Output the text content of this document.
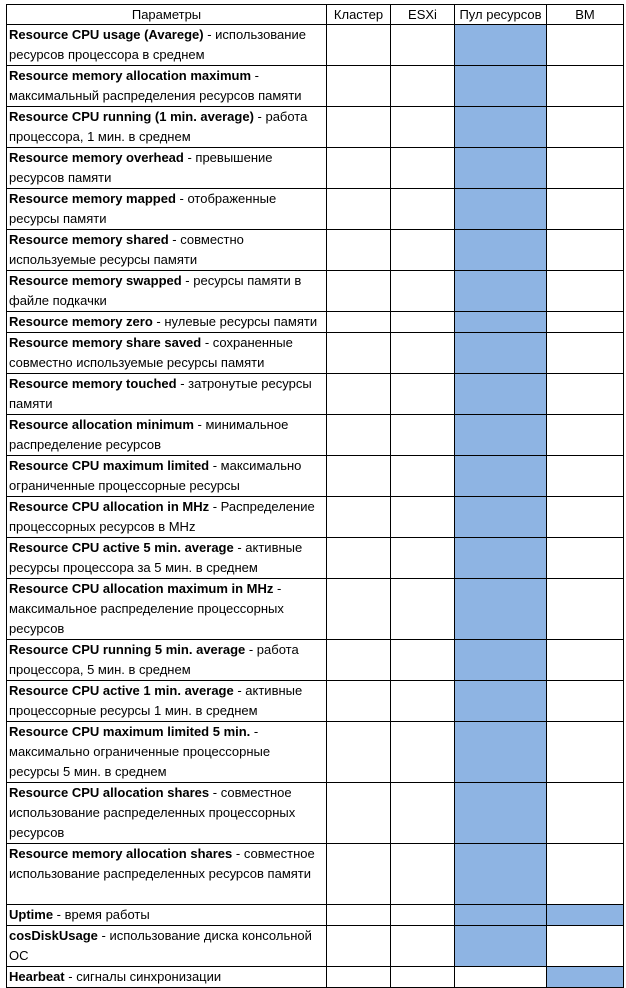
Параметры	Кластер	ESXi	Пул ресурсов	ВМ
Resource CPU usage (Avarege) - использование ресурсов процессора в среднем				
Resource memory allocation maximum - максимальный распределения ресурсов памяти				
Resource CPU running (1 min. average) - работа процессора, 1 мин. в среднем				
Resource memory overhead - превышение ресурсов памяти				
Resource memory mapped - отображенные ресурсы памяти				
Resource memory shared - совместно используемые ресурсы памяти				
Resource memory swapped - ресурсы памяти в файле подкачки				
Resource memory zero - нулевые ресурсы памяти				
Resource memory share saved - сохраненные совместно используемые ресурсы памяти				
Resource memory touched - затронутые ресурсы памяти				
Resource allocation minimum - минимальное распределение ресурсов				
Resource CPU maximum limited - максимально ограниченные процессорные ресурсы				
Resource CPU allocation in MHz - Распределение процессорных ресурсов в MHz				
Resource CPU active 5 min. average - активные ресурсы процессора за 5 мин. в среднем				
Resource CPU allocation maximum in MHz - максимальное распределение процессорных ресурсов				
Resource CPU running 5 min. average - работа процессора, 5 мин. в среднем				
Resource CPU active 1 min. average - активные процессорные ресурсы 1 мин. в среднем				
Resource CPU maximum limited 5 min. - максимально ограниченные процессорные ресурсы 5 мин. в среднем				
Resource CPU allocation shares - совместное использование распределенных процессорных ресурсов				
Resource memory allocation shares - совместное использование распределенных ресурсов памяти				
Uptime - время работы				
cosDiskUsage - использование диска консольной ОС				
Hearbeat - сигналы синхронизации				
